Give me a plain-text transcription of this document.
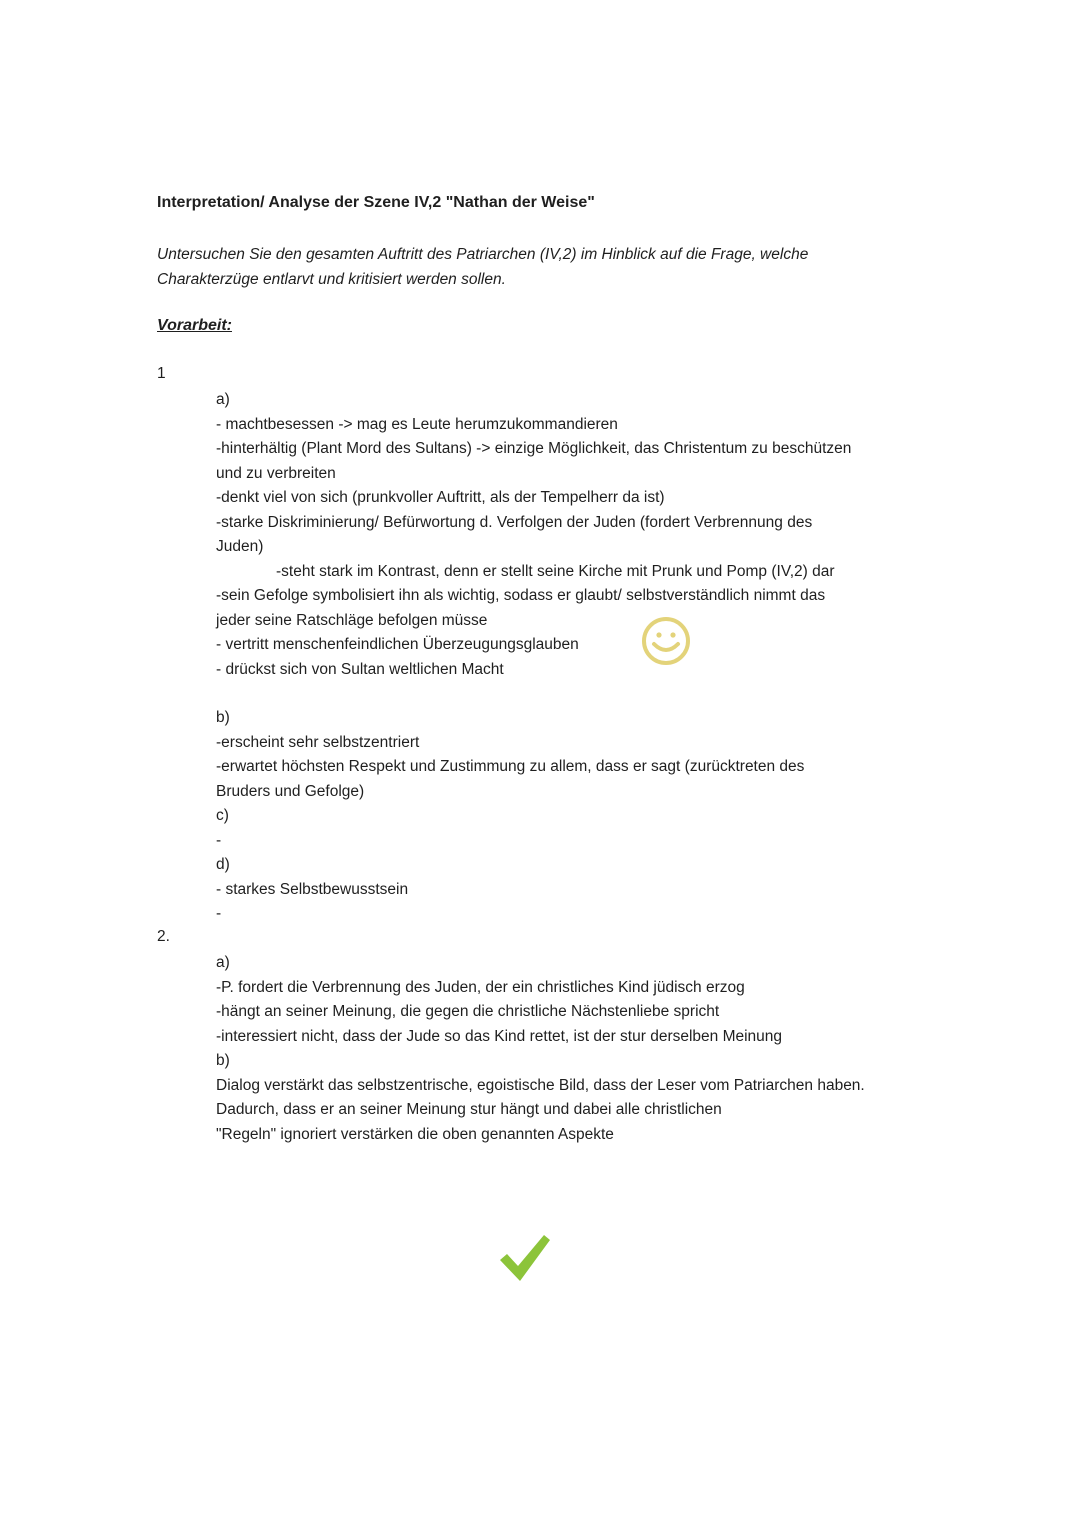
Interpretation/ Analyse der Szene IV,2 "Nathan der Weise"

Untersuchen Sie den gesamten Auftritt des Patriarchen (IV,2) im Hinblick auf die Frage, welche
Charakterzüge entlarvt und kritisiert werden sollen.

Vorarbeit:
1
a)
- machtbesessen -> mag es Leute herumzukommandieren
-hinterhältig (Plant Mord des Sultans) -> einzige Möglichkeit, das Christentum zu beschützen
und zu verbreiten
-denkt viel von sich (prunkvoller Auftritt, als der Tempelherr da ist)
-starke Diskriminierung/ Befürwortung d. Verfolgen der Juden (fordert Verbrennung des
Juden)
-steht stark im Kontrast, denn er stellt seine Kirche mit Prunk und Pomp (IV,2) dar
-sein Gefolge symbolisiert ihn als wichtig, sodass er glaubt/ selbstverständlich nimmt das
jeder seine Ratschläge befolgen müsse
- vertritt menschenfeindlichen Überzeugungsglauben
- drückst sich von Sultan weltlichen Macht
b)
-erscheint sehr selbstzentriert
-erwartet höchsten Respekt und Zustimmung zu allem, dass er sagt (zurücktreten des
Bruders und Gefolge)
c)
-
d)
- starkes Selbstbewusstsein
-
2.
a)
-P. fordert die Verbrennung des Juden, der ein christliches Kind jüdisch erzog
-hängt an seiner Meinung, die gegen die christliche Nächstenliebe spricht
-interessiert nicht, dass der Jude so das Kind rettet, ist der stur derselben Meinung
b)
Dialog verstärkt das selbstzentrische, egoistische Bild, dass der Leser vom Patriarchen haben.
Dadurch, dass er an seiner Meinung stur hängt und dabei alle christlichen
"Regeln" ignoriert verstärken die oben genannten Aspekte
